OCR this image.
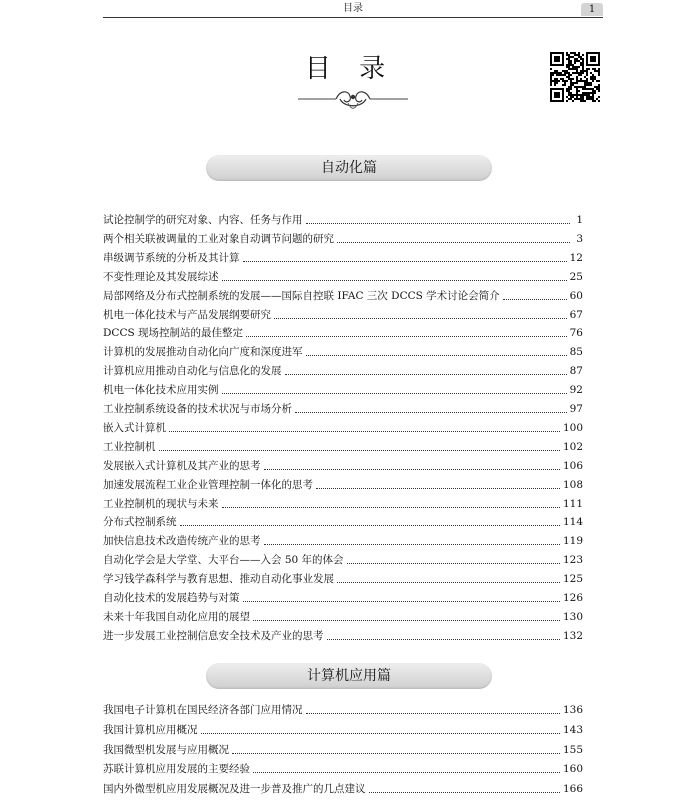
目录	1
目 录
自动化篇
试论控制学的研究对象、内容、任务与作用	1
两个相关联被调量的工业对象自动调节问题的研究	3
串级调节系统的分析及其计算	12
不变性理论及其发展综述	25
局部网络及分布式控制系统的发展——国际自控联 IFAC 三次 DCCS 学术讨论会简介	60
机电一体化技术与产品发展纲要研究	67
DCCS 现场控制站的最佳整定	76
计算机的发展推动自动化向广度和深度进军	85
计算机应用推动自动化与信息化的发展	87
机电一体化技术应用实例	92
工业控制系统设备的技术状况与市场分析	97
嵌入式计算机	100
工业控制机	102
发展嵌入式计算机及其产业的思考	106
加速发展流程工业企业管理控制一体化的思考	108
工业控制机的现状与未来	111
分布式控制系统	114
加快信息技术改造传统产业的思考	119
自动化学会是大学堂、大平台——入会 50 年的体会	123
学习钱学森科学与教育思想、推动自动化事业发展	125
自动化技术的发展趋势与对策	126
未来十年我国自动化应用的展望	130
进一步发展工业控制信息安全技术及产业的思考	132
计算机应用篇
我国电子计算机在国民经济各部门应用情况	136
我国计算机应用概况	143
我国微型机发展与应用概况	155
苏联计算机应用发展的主要经验	160
国内外微型机应用发展概况及进一步普及推广的几点建议	166
